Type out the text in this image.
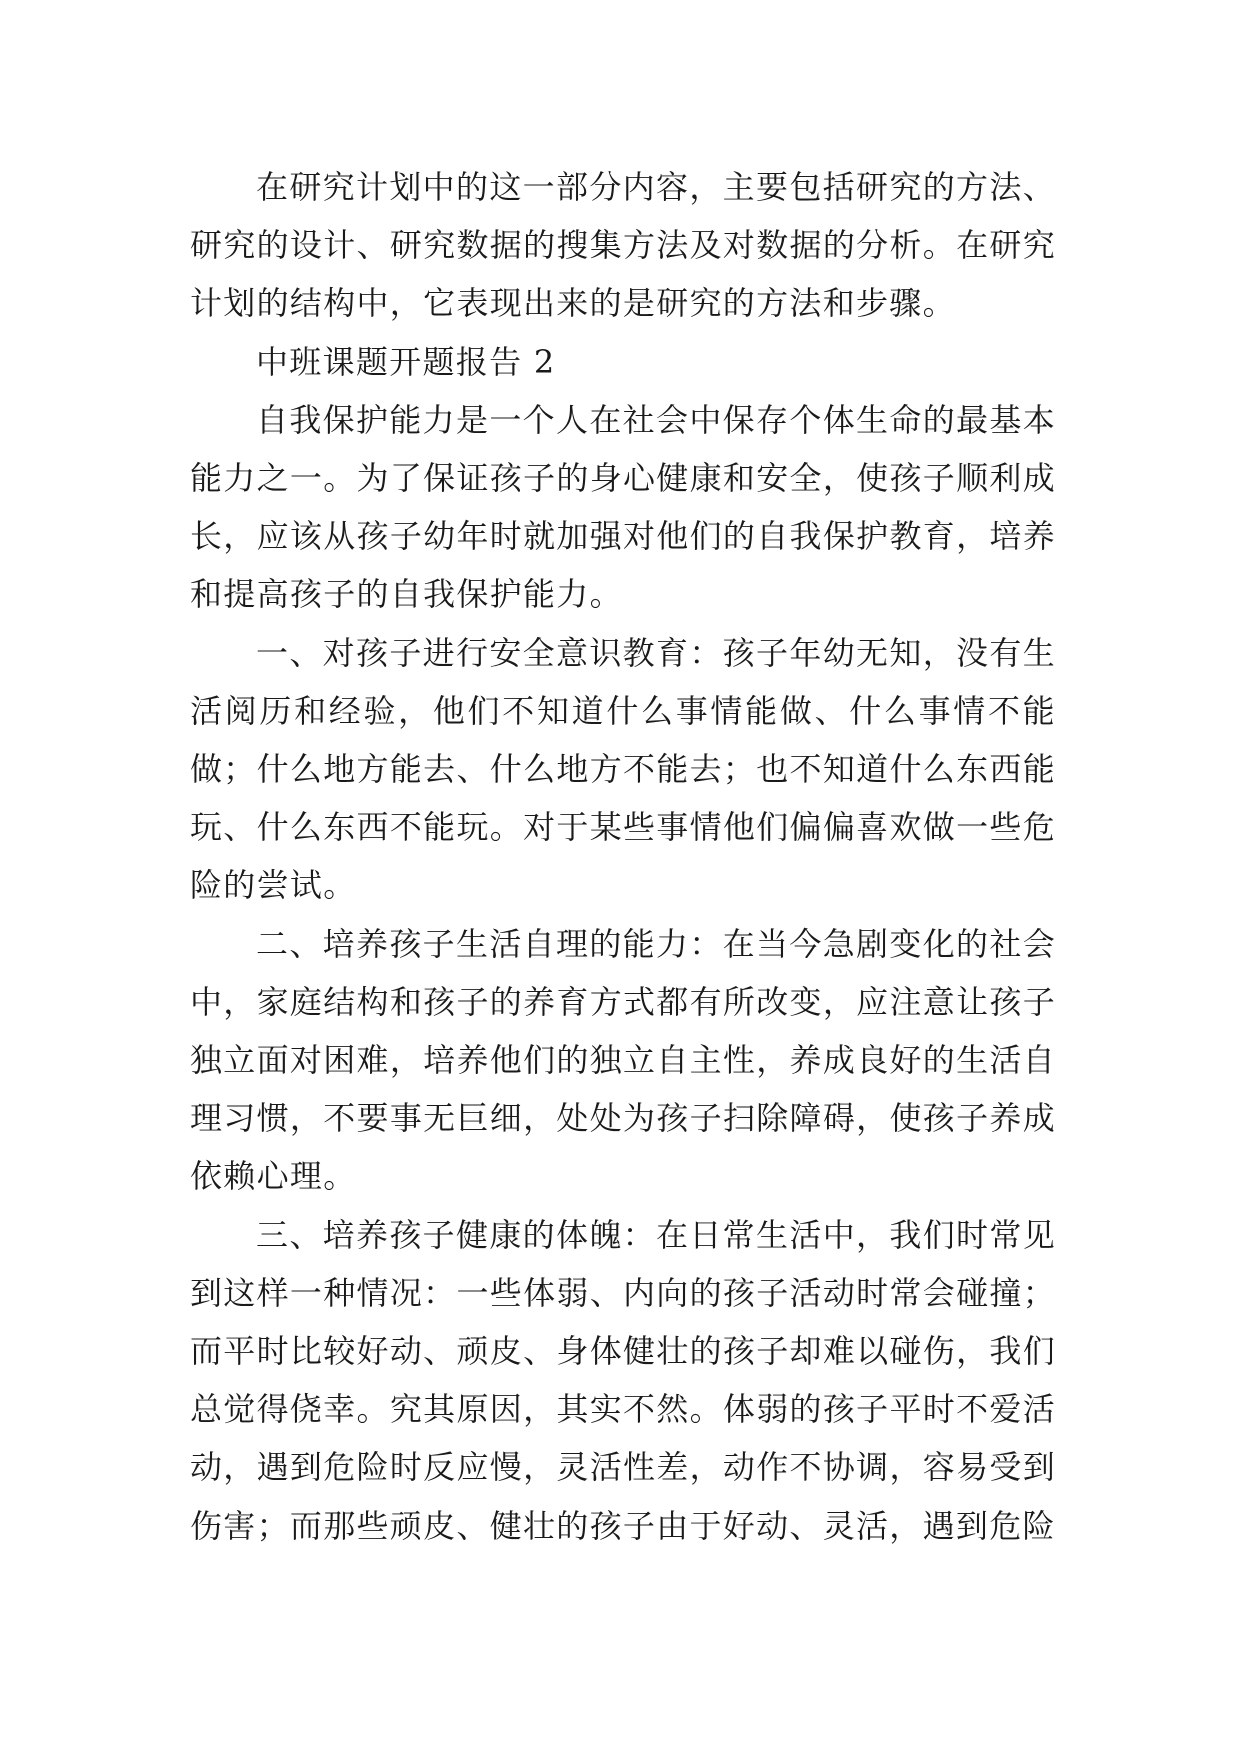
在研究计划中的这一部分内容，主要包括研究的方法、研究的设计、研究数据的搜集方法及对数据的分析。在研究计划的结构中，它表现出来的是研究的方法和步骤。

中班课题开题报告 2

自我保护能力是一个人在社会中保存个体生命的最基本能力之一。为了保证孩子的身心健康和安全，使孩子顺利成长，应该从孩子幼年时就加强对他们的自我保护教育，培养和提高孩子的自我保护能力。

一、对孩子进行安全意识教育：孩子年幼无知，没有生活阅历和经验，他们不知道什么事情能做、什么事情不能做；什么地方能去、什么地方不能去；也不知道什么东西能玩、什么东西不能玩。对于某些事情他们偏偏喜欢做一些危险的尝试。

二、培养孩子生活自理的能力：在当今急剧变化的社会中，家庭结构和孩子的养育方式都有所改变，应注意让孩子独立面对困难，培养他们的独立自主性，养成良好的生活自理习惯，不要事无巨细，处处为孩子扫除障碍，使孩子养成依赖心理。

三、培养孩子健康的体魄：在日常生活中，我们时常见到这样一种情况：一些体弱、内向的孩子活动时常会碰撞；而平时比较好动、顽皮、身体健壮的孩子却难以碰伤，我们总觉得侥幸。究其原因，其实不然。体弱的孩子平时不爱活动，遇到危险时反应慢，灵活性差，动作不协调，容易受到伤害；而那些顽皮、健壮的孩子由于好动、灵活，遇到危险
